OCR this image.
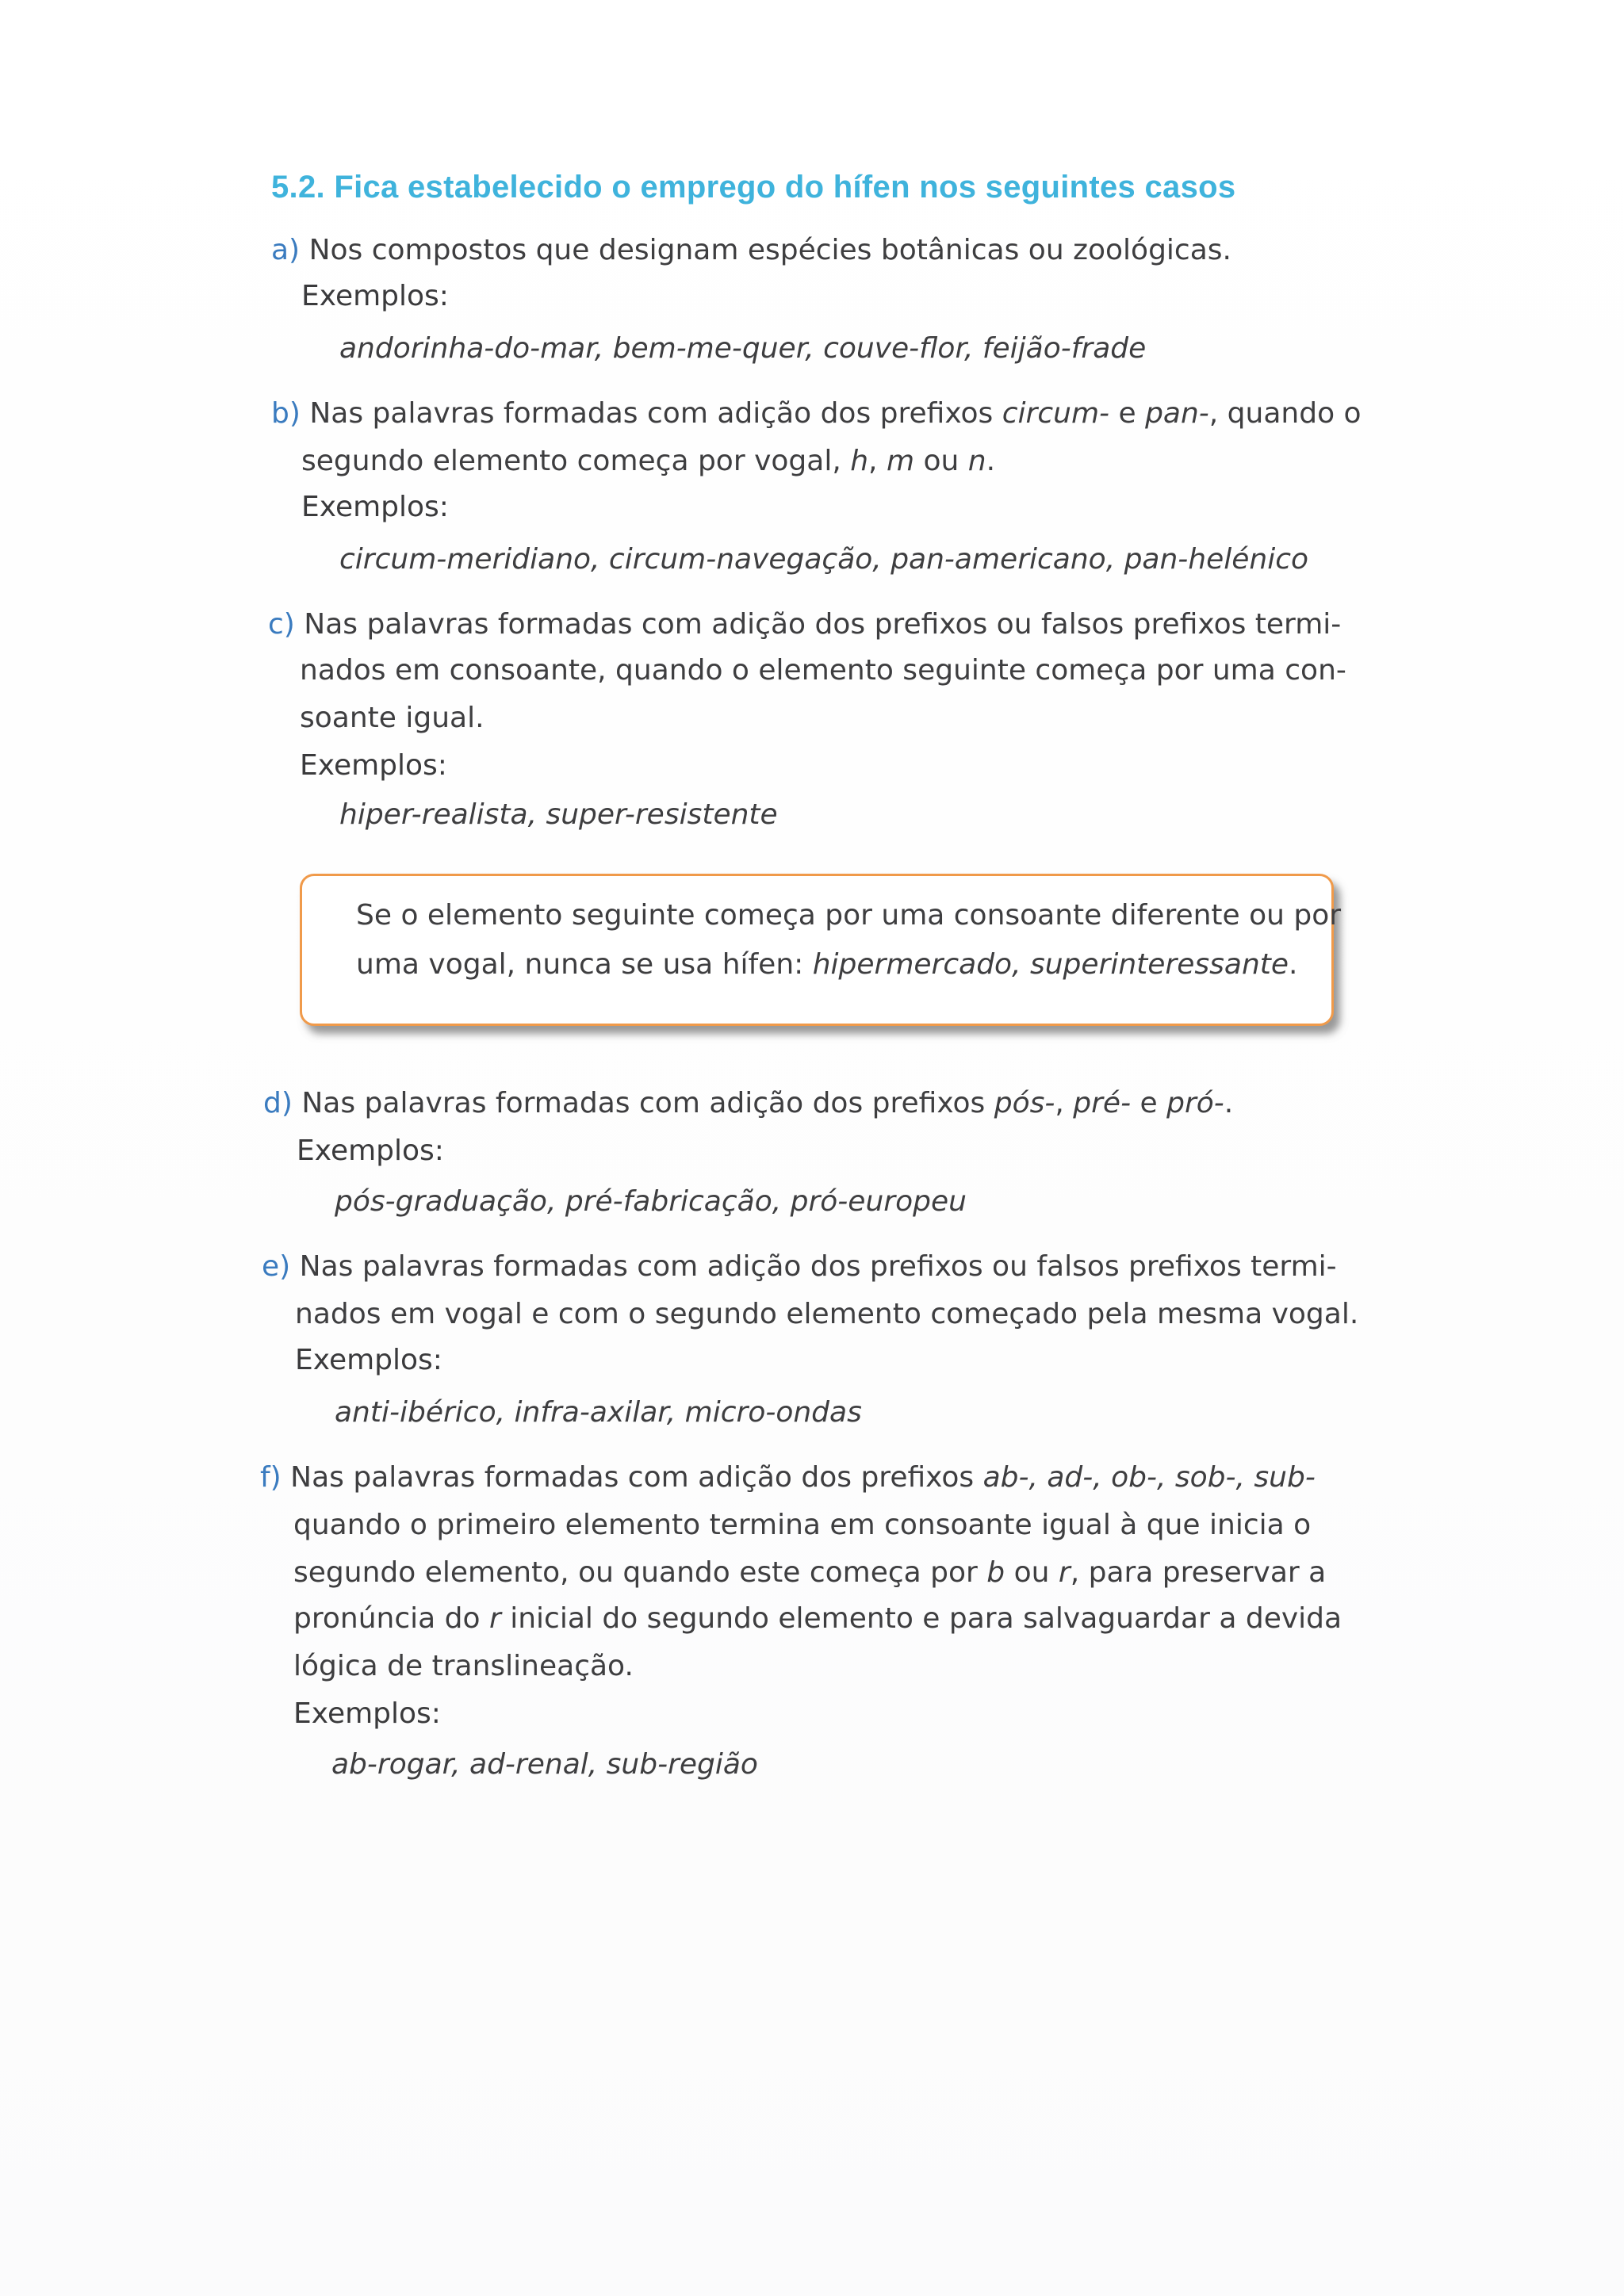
5.2. Fica estabelecido o emprego do hífen nos seguintes casos
a) Nos compostos que designam espécies botânicas ou zoológicas.
Exemplos:
andorinha-do-mar, bem-me-quer, couve-flor, feijão-frade
b) Nas palavras formadas com adição dos prefixos circum- e pan-, quando o
segundo elemento começa por vogal, h, m ou n.
Exemplos:
circum-meridiano, circum-navegação, pan-americano, pan-helénico
c) Nas palavras formadas com adição dos prefixos ou falsos prefixos termi-
nados em consoante, quando o elemento seguinte começa por uma con-
soante igual.
Exemplos:
hiper-realista, super-resistente
Se o elemento seguinte começa por uma consoante diferente ou por
uma vogal, nunca se usa hífen: hipermercado, superinteressante.
d) Nas palavras formadas com adição dos prefixos pós-, pré- e pró-.
Exemplos:
pós-graduação, pré-fabricação, pró-europeu
e) Nas palavras formadas com adição dos prefixos ou falsos prefixos termi-
nados em vogal e com o segundo elemento começado pela mesma vogal.
Exemplos:
anti-ibérico, infra-axilar, micro-ondas
f) Nas palavras formadas com adição dos prefixos ab-, ad-, ob-, sob-, sub-
quando o primeiro elemento termina em consoante igual à que inicia o
segundo elemento, ou quando este começa por b ou r, para preservar a
pronúncia do r inicial do segundo elemento e para salvaguardar a devida
lógica de translineação.
Exemplos:
ab-rogar, ad-renal, sub-região
